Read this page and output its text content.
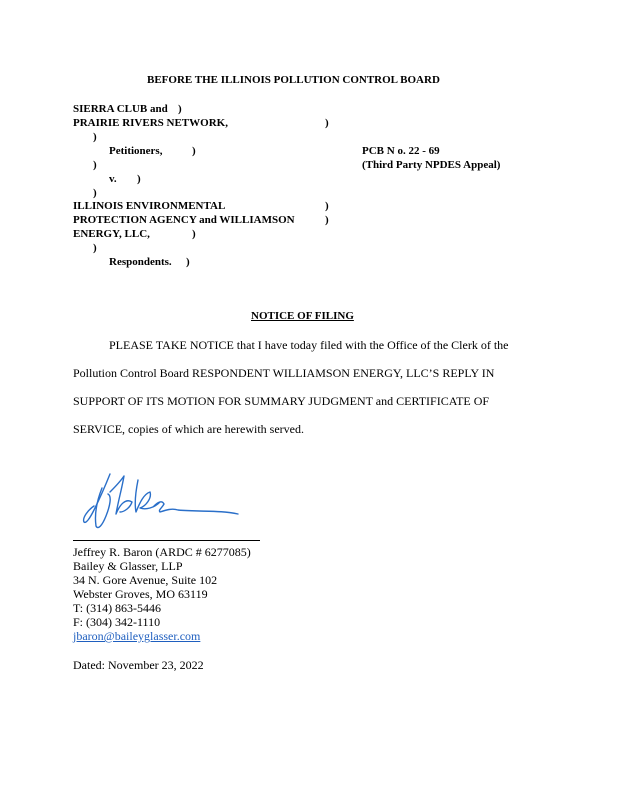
BEFORE THE ILLINOIS POLLUTION CONTROL BOARD
SIERRA CLUB and )
PRAIRIE RIVERS NETWORK,	)
)
Petitioners,	)	PCB N o. 22 - 69
)	(Third Party NPDES Appeal)
v. )
)
ILLINOIS ENVIRONMENTAL	)
PROTECTION AGENCY and WILLIAMSON	)
ENERGY, LLC,	)
)
Respondents. )
NOTICE OF FILING
PLEASE TAKE NOTICE that I have today filed with the Office of the Clerk of the
Pollution Control Board RESPONDENT WILLIAMSON ENERGY, LLC’S REPLY IN
SUPPORT OF ITS MOTION FOR SUMMARY JUDGMENT and CERTIFICATE OF
SERVICE, copies of which are herewith served.
Jeffrey R. Baron (ARDC # 6277085)
Bailey & Glasser, LLP
34 N. Gore Avenue, Suite 102
Webster Groves, MO 63119
T: (314) 863-5446
F: (304) 342-1110
jbaron@baileyglasser.com
Dated: November 23, 2022
